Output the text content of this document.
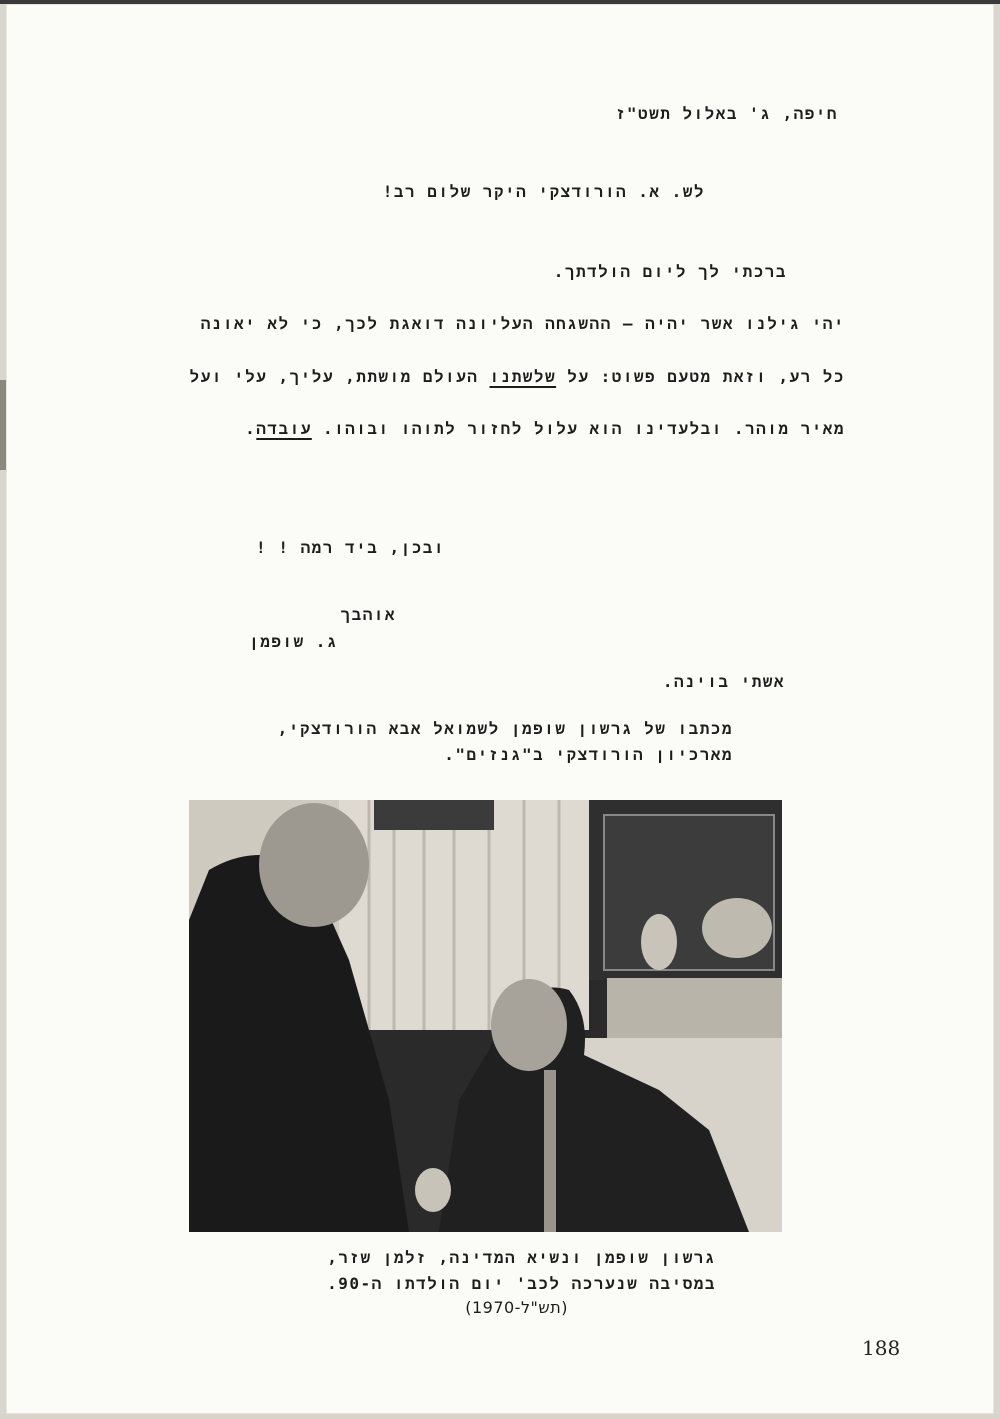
חיפה, ג' באלול תשט"ז
לש. א. הורודצקי היקר שלום רב!
ברכתי לך ליום הולדתך.
יהי גילנו אשר יהיה – ההשגחה העליונה דואגת לכך, כי לא יאונה
כל רע, וזאת מטעם פשוט: על שלשתנו העולם מושתת, עליך, עלי ועל
מאיר מוהר. ובלעדינו הוא עלול לחזור לתוהו ובוהו. עובדה.
ובכן, ביד רמה ! !
אוהבך
ג. שופמן
אשתי בוינה.
מכתבו של גרשון שופמן לשמואל אבא הורודצקי,
מארכיון הורודצקי ב"גנזים".
גרשון שופמן ונשיא המדינה, זלמן שזר,
במסיבה שנערכה לכב' יום הולדתו ה-90.
(תש"ל-1970)
188
